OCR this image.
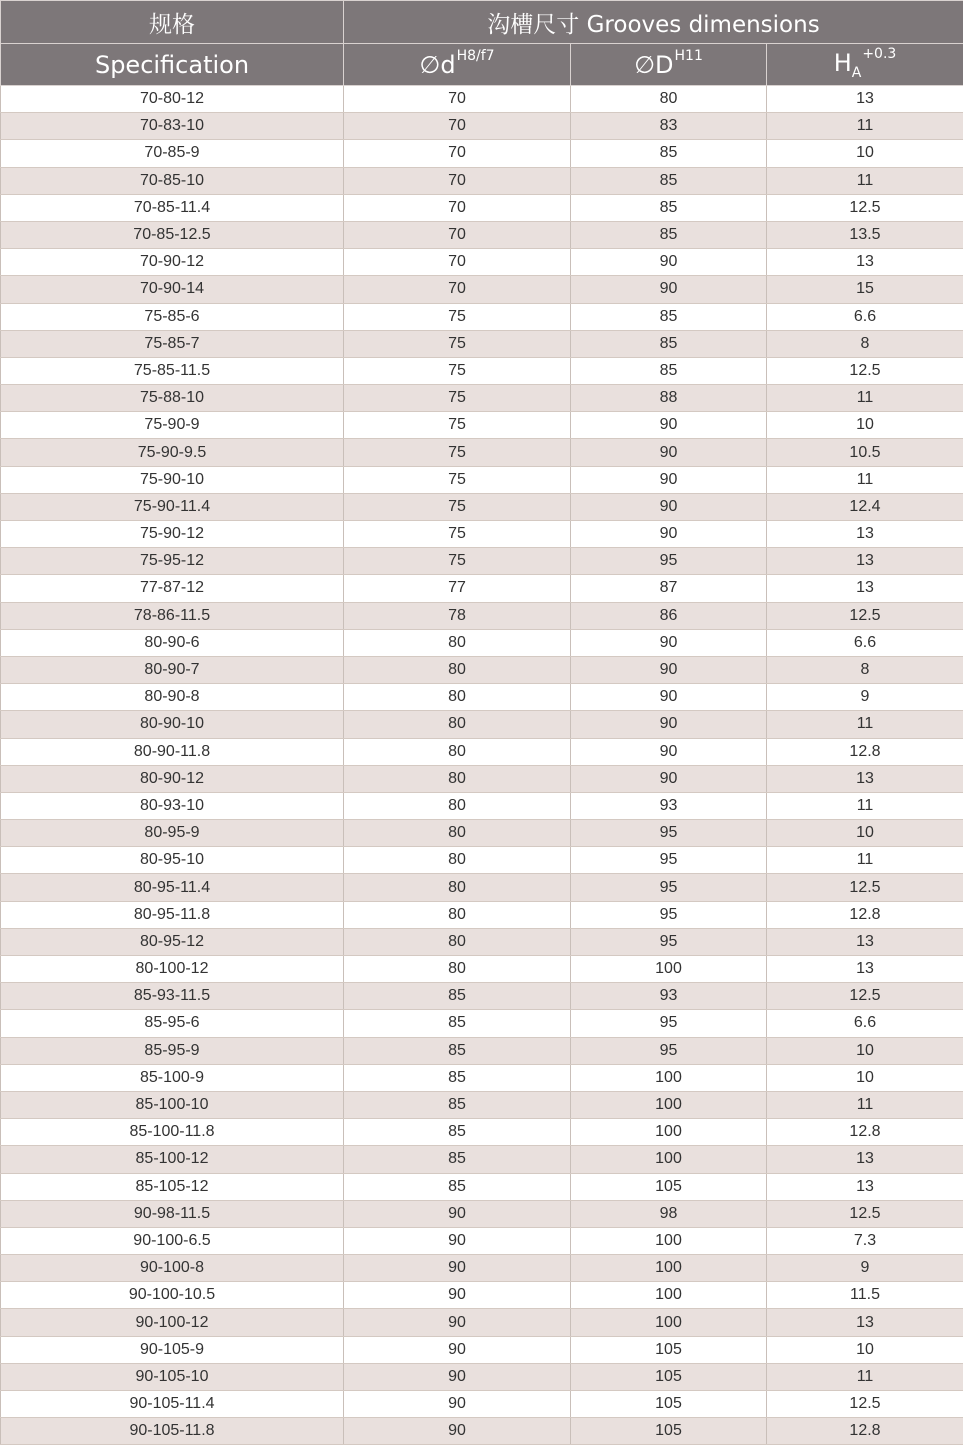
规格	沟槽尺寸 Grooves dimensions		
Specification	$\emptyset d^{H8/f7}$	$\emptyset D^{H11}$	$H_A^{+0.3}$
70-80-12	70	80	13
70-83-10	70	83	11
70-85-9	70	85	10
70-85-10	70	85	11
70-85-11.4	70	85	12.5
70-85-12.5	70	85	13.5
70-90-12	70	90	13
70-90-14	70	90	15
75-85-6	75	85	6.6
75-85-7	75	85	8
75-85-11.5	75	85	12.5
75-88-10	75	88	11
75-90-9	75	90	10
75-90-9.5	75	90	10.5
75-90-10	75	90	11
75-90-11.4	75	90	12.4
75-90-12	75	90	13
75-95-12	75	95	13
77-87-12	77	87	13
78-86-11.5	78	86	12.5
80-90-6	80	90	6.6
80-90-7	80	90	8
80-90-8	80	90	9
80-90-10	80	90	11
80-90-11.8	80	90	12.8
80-90-12	80	90	13
80-93-10	80	93	11
80-95-9	80	95	10
80-95-10	80	95	11
80-95-11.4	80	95	12.5
80-95-11.8	80	95	12.8
80-95-12	80	95	13
80-100-12	80	100	13
85-93-11.5	85	93	12.5
85-95-6	85	95	6.6
85-95-9	85	95	10
85-100-9	85	100	10
85-100-10	85	100	11
85-100-11.8	85	100	12.8
85-100-12	85	100	13
85-105-12	85	105	13
90-98-11.5	90	98	12.5
90-100-6.5	90	100	7.3
90-100-8	90	100	9
90-100-10.5	90	100	11.5
90-100-12	90	100	13
90-105-9	90	105	10
90-105-10	90	105	11
90-105-11.4	90	105	12.5
90-105-11.8	90	105	12.8
